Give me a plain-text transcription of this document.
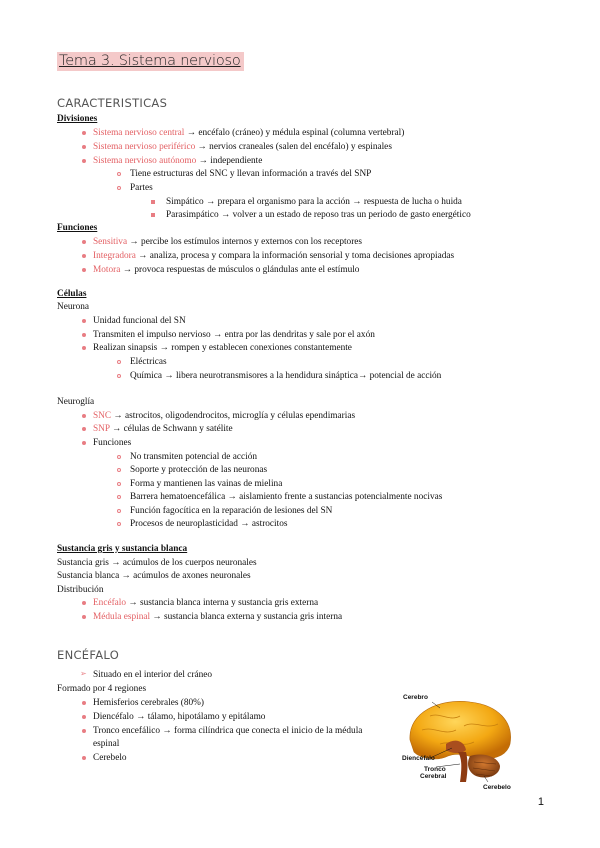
Tema 3. Sistema nervioso
CARACTERISTICAS
Divisiones
Sistema nervioso central → encéfalo (cráneo) y médula espinal (columna vertebral)
Sistema nervioso periférico → nervios craneales (salen del encéfalo) y espinales
Sistema nervioso autónomo → independiente
Tiene estructuras del SNC y llevan información a través del SNP
Partes
Simpático → prepara el organismo para la acción → respuesta de lucha o huida
Parasimpático → volver a un estado de reposo tras un periodo de gasto energético
Funciones
Sensitiva → percibe los estímulos internos y externos con los receptores
Integradora → analiza, procesa y compara la información sensorial y toma decisiones apropiadas
Motora → provoca respuestas de músculos o glándulas ante el estímulo
Células
Neurona
Unidad funcional del SN
Transmiten el impulso nervioso → entra por las dendritas y sale por el axón
Realizan sinapsis → rompen y establecen conexiones constantemente
Eléctricas
Química → libera neurotransmisores a la hendidura sináptica→ potencial de acción
Neuroglía
SNC → astrocitos, oligodendrocitos, microglía y células ependimarias
SNP → células de Schwann y satélite
Funciones
No transmiten potencial de acción
Soporte y protección de las neuronas
Forma y mantienen las vainas de mielina
Barrera hematoencefálica → aislamiento frente a sustancias potencialmente nocivas
Función fagocítica en la reparación de lesiones del SN
Procesos de neuroplasticidad → astrocitos
Sustancia gris y sustancia blanca
Sustancia gris → acúmulos de los cuerpos neuronales
Sustancia blanca → acúmulos de axones neuronales
Distribución
Encéfalo → sustancia blanca interna y sustancia gris externa
Médula espinal → sustancia blanca externa y sustancia gris interna
ENCÉFALO
➢ Situado en el interior del cráneo
Formado por 4 regiones
Hemisferios cerebrales (80%)
Diencéfalo → tálamo, hipotálamo y epitálamo
Tronco encefálico → forma cilíndrica que conecta el inicio de la médula
espinal
Cerebelo
Cerebro
Diencéfalo
Tronco
Cerebral
Cerebelo
1
